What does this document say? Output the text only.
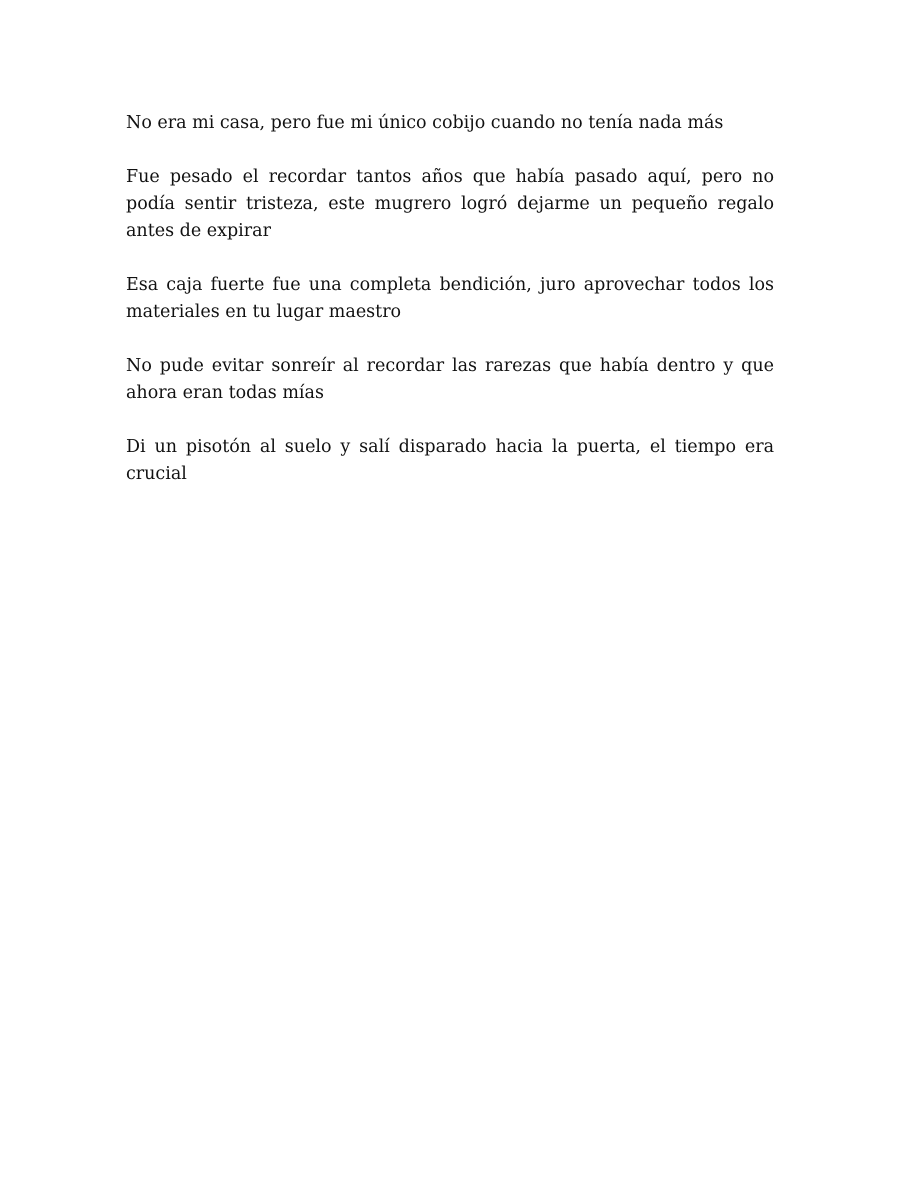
No era mi casa, pero fue mi único cobijo cuando no tenía nada más

Fue pesado el recordar tantos años que había pasado aquí, pero no podía sentir tristeza, este mugrero logró dejarme un pequeño regalo antes de expirar

Esa caja fuerte fue una completa bendición, juro aprovechar todos los materiales en tu lugar maestro

No pude evitar sonreír al recordar las rarezas que había dentro y que ahora eran todas mías

Di un pisotón al suelo y salí disparado hacia la puerta, el tiempo era crucial
